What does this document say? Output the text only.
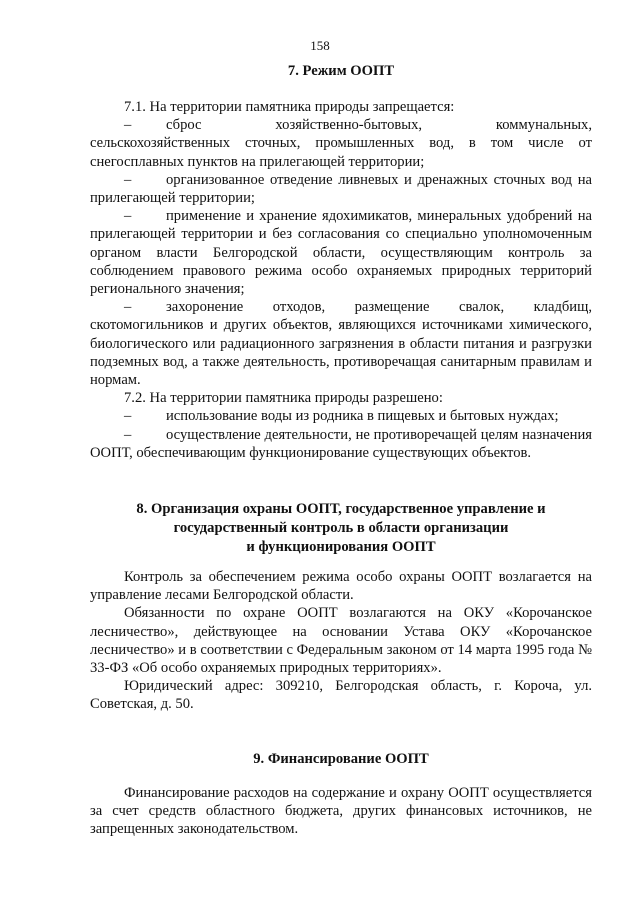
158
7. Режим ООПТ

7.1. На территории памятника природы запрещается:

– сброс хозяйственно-бытовых, коммунальных, сельскохозяйственных сточных, промышленных вод, в том числе от снегосплавных пунктов на прилегающей территории;

– организованное отведение ливневых и дренажных сточных вод на прилегающей территории;

– применение и хранение ядохимикатов, минеральных удобрений на прилегающей территории и без согласования со специально уполномоченным органом власти Белгородской области, осуществляющим контроль за соблюдением правового режима особо охраняемых природных территорий регионального значения;

– захоронение отходов, размещение свалок, кладбищ, скотомогильников и других объектов, являющихся источниками химического, биологического или радиационного загрязнения в области питания и разгрузки подземных вод, а также деятельность, противоречащая санитарным правилам и нормам.

7.2. На территории памятника природы разрешено:

– использование воды из родника в пищевых и бытовых нуждах;

– осуществление деятельности, не противоречащей целям назначения ООПТ, обеспечивающим функционирование существующих объектов.

8. Организация охраны ООПТ, государственное управление и
государственный контроль в области организации
и функционирования ООПТ

Контроль за обеспечением режима особо охраны ООПТ возлагается на управление лесами Белгородской области.

Обязанности по охране ООПТ возлагаются на ОКУ «Корочанское лесничество», действующее на основании Устава ОКУ «Корочанское лесничество» и в соответствии с Федеральным законом от 14 марта 1995 года № 33-ФЗ «Об особо охраняемых природных территориях».

Юридический адрес: 309210, Белгородская область, г. Короча, ул. Советская, д. 50.

9. Финансирование ООПТ

Финансирование расходов на содержание и охрану ООПТ осуществляется за счет средств областного бюджета, других финансовых источников, не запрещенных законодательством.
